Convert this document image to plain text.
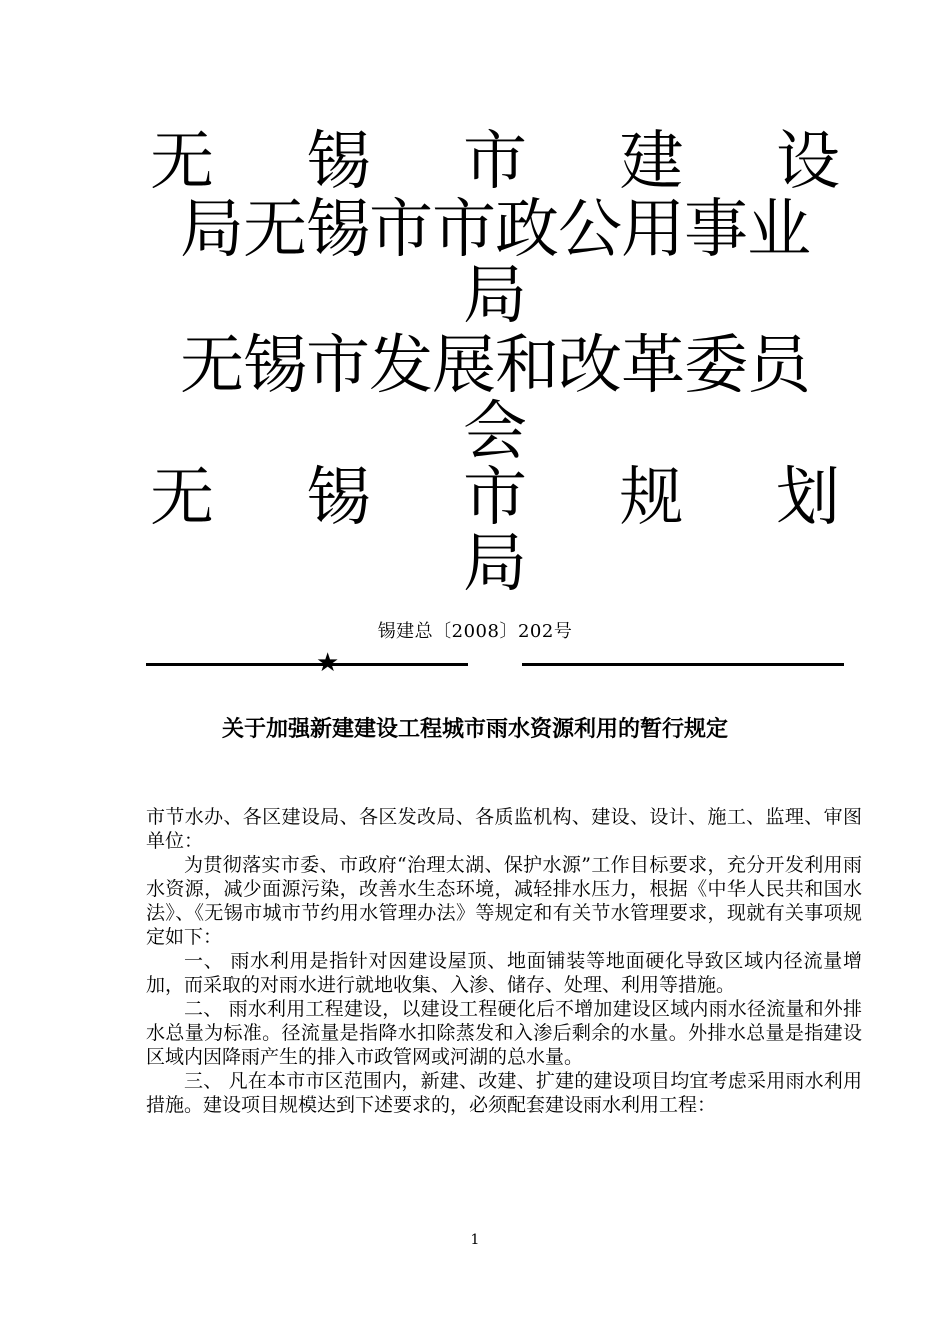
无 锡 市 建 设
局无锡市市政公用事业
局
无锡市发展和改革委员
会
无 锡 市 规 划
局
锡建总〔2008〕202号
★
关于加强新建建设工程城市雨水资源利用的暂行规定

市节水办、各区建设局、各区发改局、各质监机构、建设、设计、施工、监理、审图单位：

为贯彻落实市委、市政府“治理太湖、保护水源”工作目标要求，充分开发利用雨水资源，减少面源污染，改善水生态环境，减轻排水压力，根据《中华人民共和国水法》、《无锡市城市节约用水管理办法》等规定和有关节水管理要求，现就有关事项规定如下：

一、 雨水利用是指针对因建设屋顶、地面铺装等地面硬化导致区域内径流量增加，而采取的对雨水进行就地收集、入渗、储存、处理、利用等措施。

二、 雨水利用工程建设，以建设工程硬化后不增加建设区域内雨水径流量和外排水总量为标准。径流量是指降水扣除蒸发和入渗后剩余的水量。外排水总量是指建设区域内因降雨产生的排入市政管网或河湖的总水量。

三、 凡在本市市区范围内，新建、改建、扩建的建设项目均宜考虑采用雨水利用措施。建设项目规模达到下述要求的，必须配套建设雨水利用工程：

1
